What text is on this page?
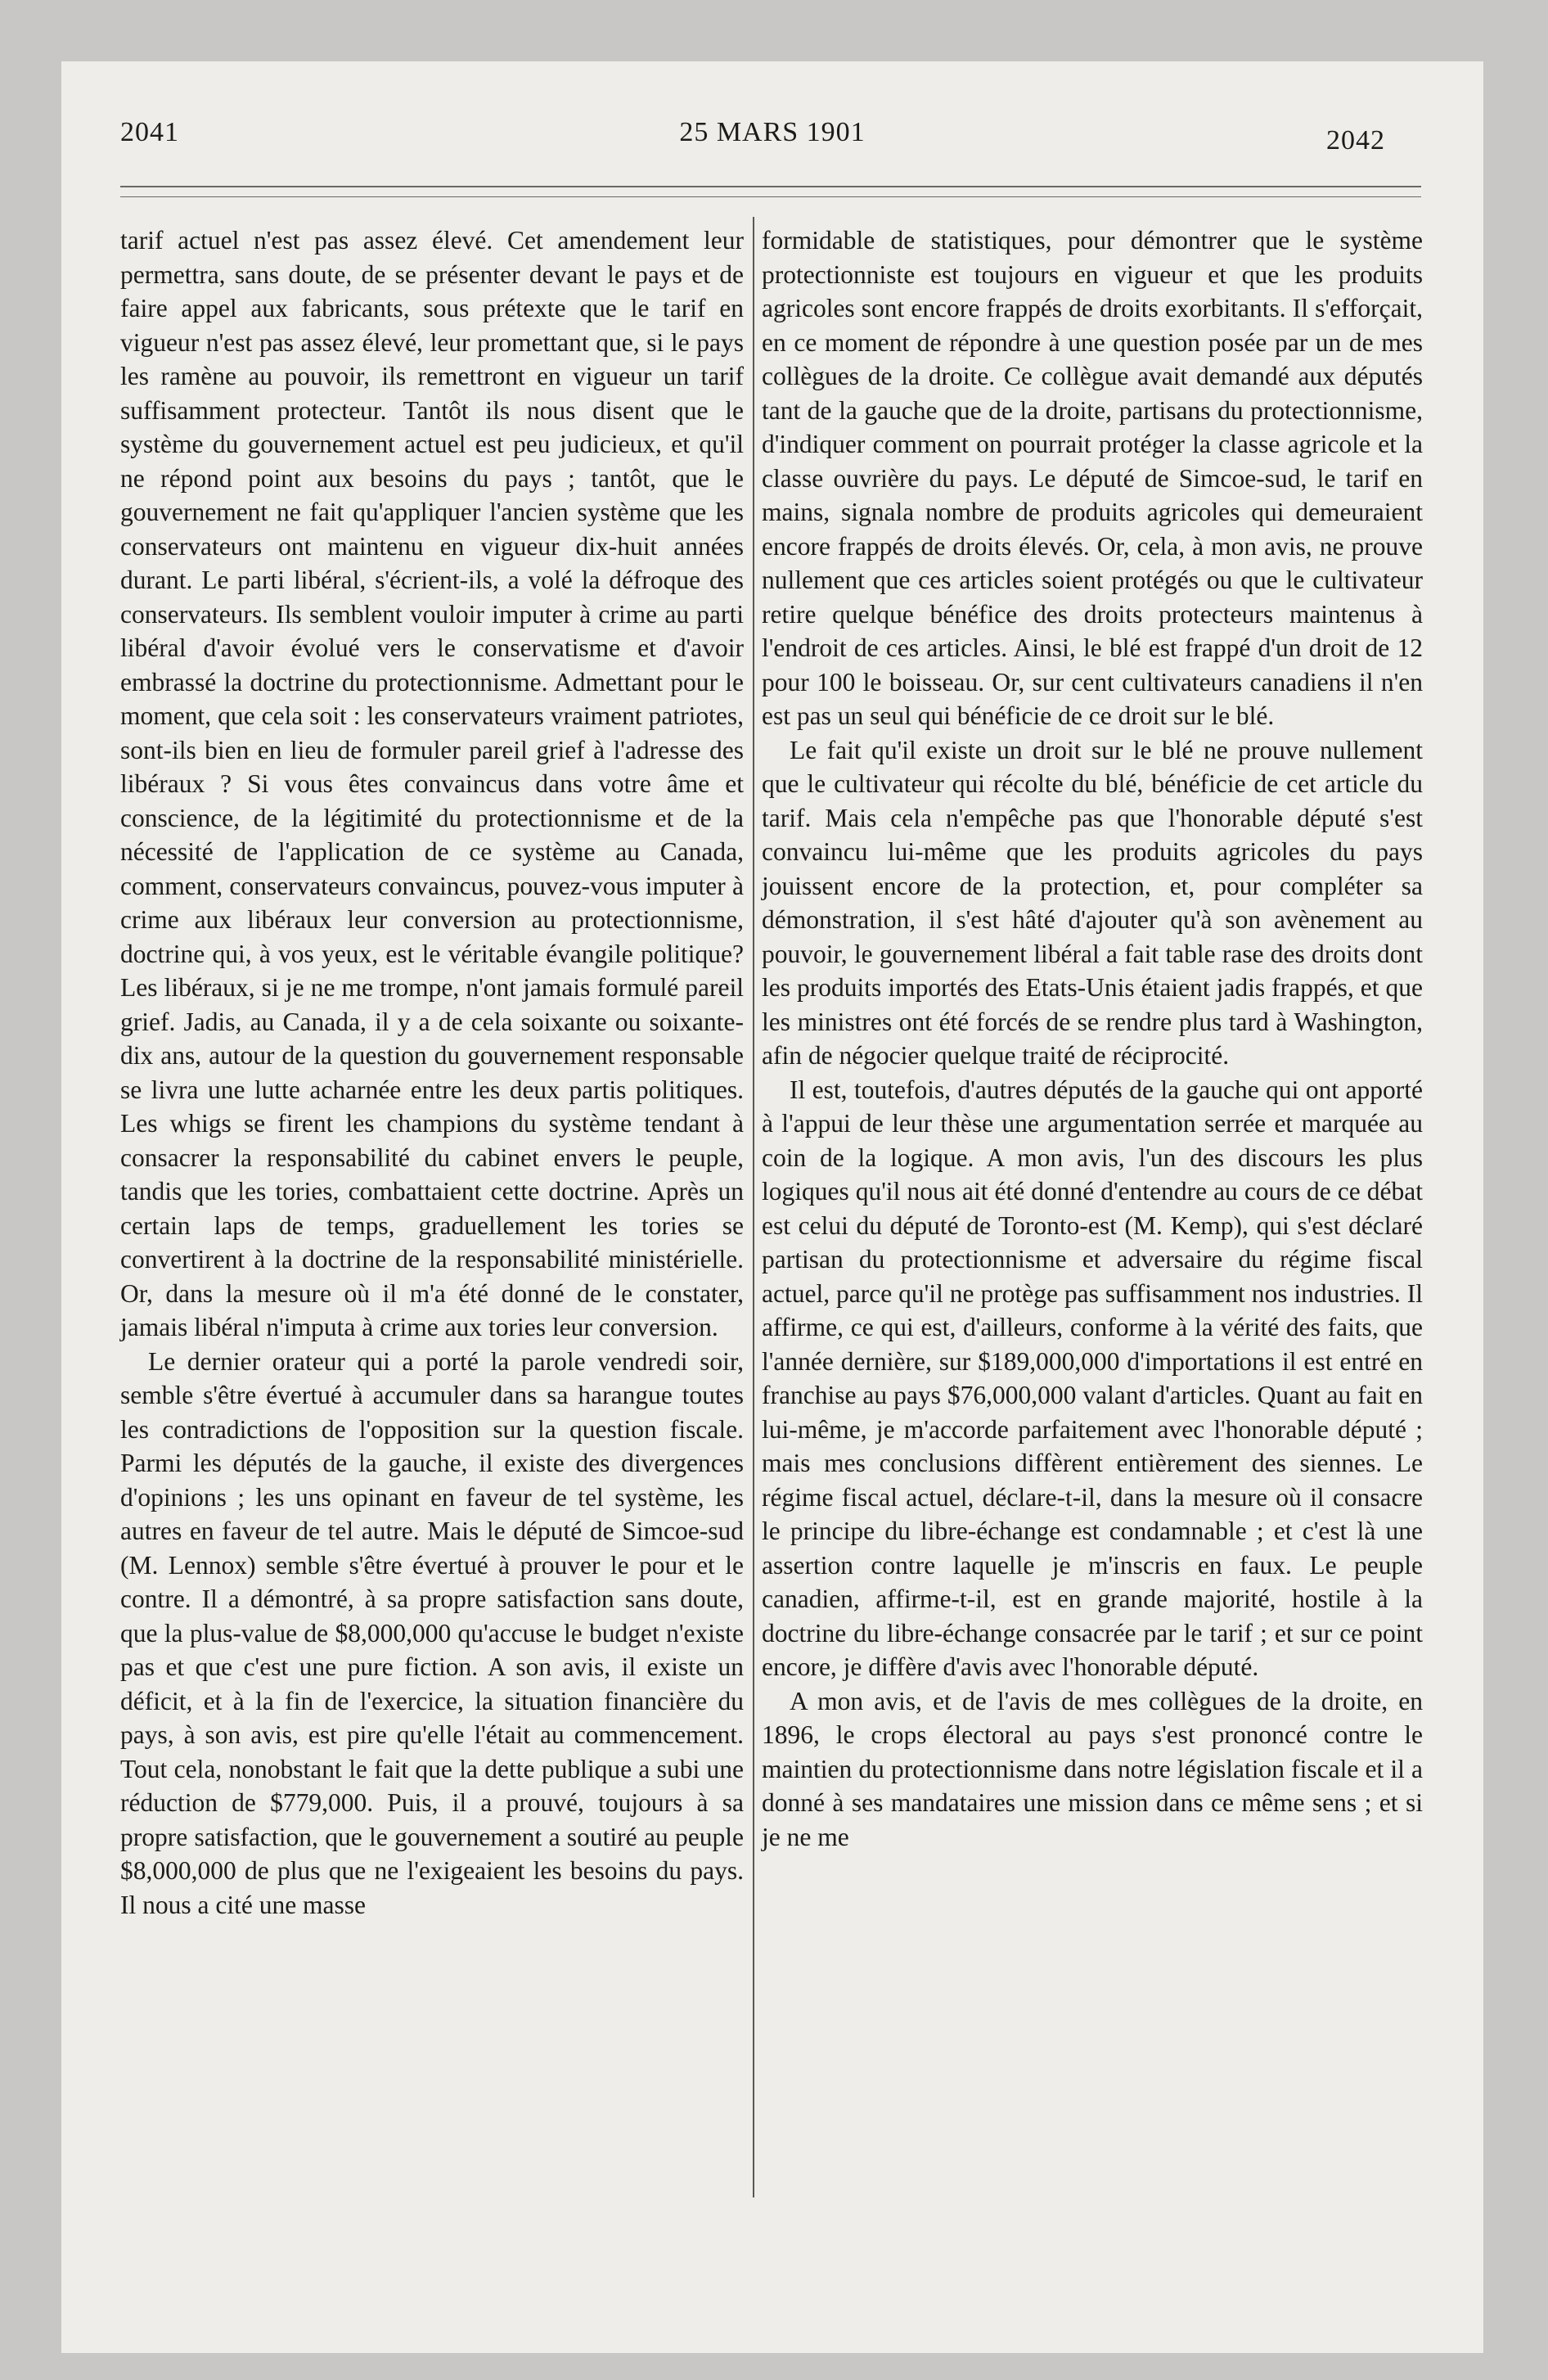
2041	25 MARS 1901	2042

tarif actuel n'est pas assez élevé. Cet amendement leur permettra, sans doute, de se présenter devant le pays et de faire appel aux fabricants, sous prétexte que le tarif en vigueur n'est pas assez élevé, leur promettant que, si le pays les ramène au pouvoir, ils remettront en vigueur un tarif suffisamment protecteur. Tantôt ils nous disent que le système du gouvernement actuel est peu judicieux, et qu'il ne répond point aux besoins du pays ; tantôt, que le gouvernement ne fait qu'appliquer l'ancien système que les conservateurs ont maintenu en vigueur dix-huit années durant. Le parti libéral, s'écrient-ils, a volé la défroque des conservateurs. Ils semblent vouloir imputer à crime au parti libéral d'avoir évolué vers le conservatisme et d'avoir embrassé la doctrine du protectionnisme. Admettant pour le moment, que cela soit : les conservateurs vraiment patriotes, sont-ils bien en lieu de formuler pareil grief à l'adresse des libéraux ? Si vous êtes convaincus dans votre âme et conscience, de la légitimité du protectionnisme et de la nécessité de l'application de ce système au Canada, comment, conservateurs convaincus, pouvez-vous imputer à crime aux libéraux leur conversion au protectionnisme, doctrine qui, à vos yeux, est le véritable évangile politique? Les libéraux, si je ne me trompe, n'ont jamais formulé pareil grief. Jadis, au Canada, il y a de cela soixante ou soixante-dix ans, autour de la question du gouvernement responsable se livra une lutte acharnée entre les deux partis politiques. Les whigs se firent les champions du système tendant à consacrer la responsabilité du cabinet envers le peuple, tandis que les tories, combattaient cette doctrine. Après un certain laps de temps, graduellement les tories se convertirent à la doctrine de la responsabilité ministérielle. Or, dans la mesure où il m'a été donné de le constater, jamais libéral n'imputa à crime aux tories leur conversion.

Le dernier orateur qui a porté la parole vendredi soir, semble s'être évertué à accumuler dans sa harangue toutes les contradictions de l'opposition sur la question fiscale. Parmi les députés de la gauche, il existe des divergences d'opinions ; les uns opinant en faveur de tel système, les autres en faveur de tel autre. Mais le député de Simcoe-sud (M. Lennox) semble s'être évertué à prouver le pour et le contre. Il a démontré, à sa propre satisfaction sans doute, que la plus-value de $8,000,000 qu'accuse le budget n'existe pas et que c'est une pure fiction. A son avis, il existe un déficit, et à la fin de l'exercice, la situation financière du pays, à son avis, est pire qu'elle l'était au commencement. Tout cela, nonobstant le fait que la dette publique a subi une réduction de $779,000. Puis, il a prouvé, toujours à sa propre satisfaction, que le gouvernement a soutiré au peuple $8,000,000 de plus que ne l'exigeaient les besoins du pays. Il nous a cité une masse

formidable de statistiques, pour démontrer que le système protectionniste est toujours en vigueur et que les produits agricoles sont encore frappés de droits exorbitants. Il s'efforçait, en ce moment de répondre à une question posée par un de mes collègues de la droite. Ce collègue avait demandé aux députés tant de la gauche que de la droite, partisans du protectionnisme, d'indiquer comment on pourrait protéger la classe agricole et la classe ouvrière du pays. Le député de Simcoe-sud, le tarif en mains, signala nombre de produits agricoles qui demeuraient encore frappés de droits élevés. Or, cela, à mon avis, ne prouve nullement que ces articles soient protégés ou que le cultivateur retire quelque bénéfice des droits protecteurs maintenus à l'endroit de ces articles. Ainsi, le blé est frappé d'un droit de 12 pour 100 le boisseau. Or, sur cent cultivateurs canadiens il n'en est pas un seul qui bénéficie de ce droit sur le blé.

Le fait qu'il existe un droit sur le blé ne prouve nullement que le cultivateur qui récolte du blé, bénéficie de cet article du tarif. Mais cela n'empêche pas que l'honorable député s'est convaincu lui-même que les produits agricoles du pays jouissent encore de la protection, et, pour compléter sa démonstration, il s'est hâté d'ajouter qu'à son avènement au pouvoir, le gouvernement libéral a fait table rase des droits dont les produits importés des Etats-Unis étaient jadis frappés, et que les ministres ont été forcés de se rendre plus tard à Washington, afin de négocier quelque traité de réciprocité.

Il est, toutefois, d'autres députés de la gauche qui ont apporté à l'appui de leur thèse une argumentation serrée et marquée au coin de la logique. A mon avis, l'un des discours les plus logiques qu'il nous ait été donné d'entendre au cours de ce débat est celui du député de Toronto-est (M. Kemp), qui s'est déclaré partisan du protectionnisme et adversaire du régime fiscal actuel, parce qu'il ne protège pas suffisamment nos industries. Il affirme, ce qui est, d'ailleurs, conforme à la vérité des faits, que l'année dernière, sur $189,000,000 d'importations il est entré en franchise au pays $76,000,000 valant d'articles. Quant au fait en lui-même, je m'accorde parfaitement avec l'honorable député ; mais mes conclusions diffèrent entièrement des siennes. Le régime fiscal actuel, déclare-t-il, dans la mesure où il consacre le principe du libre-échange est condamnable ; et c'est là une assertion contre laquelle je m'inscris en faux. Le peuple canadien, affirme-t-il, est en grande majorité, hostile à la doctrine du libre-échange consacrée par le tarif ; et sur ce point encore, je diffère d'avis avec l'honorable député.

A mon avis, et de l'avis de mes collègues de la droite, en 1896, le crops électoral au pays s'est prononcé contre le maintien du protectionnisme dans notre législation fiscale et il a donné à ses mandataires une mission dans ce même sens ; et si je ne me
